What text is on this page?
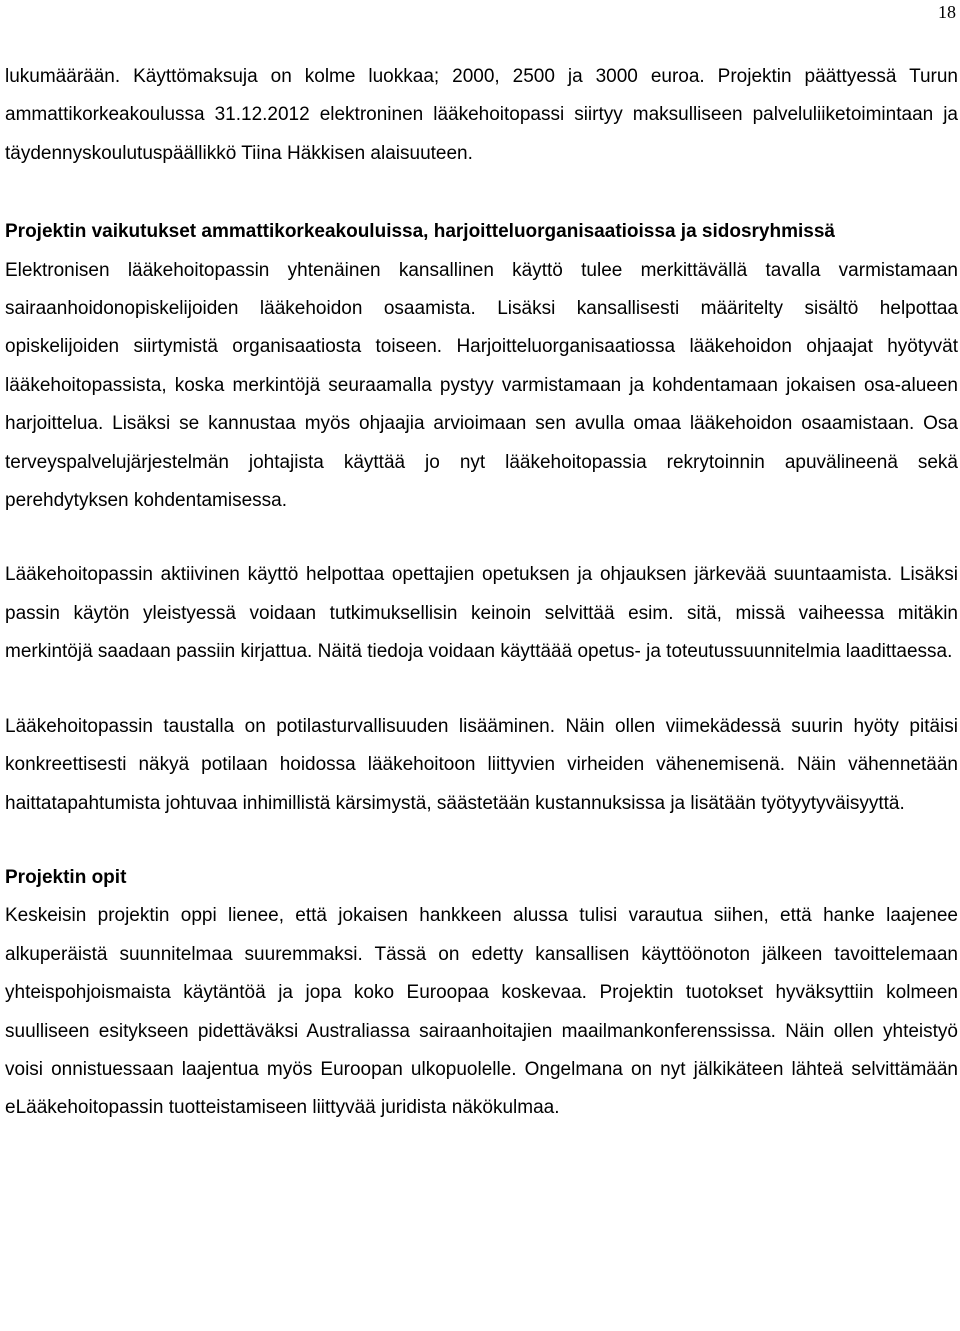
18

lukumäärään. Käyttömaksuja on kolme luokkaa; 2000, 2500 ja 3000 euroa. Projektin päättyessä Turun ammattikorkeakoulussa 31.12.2012 elektroninen lääkehoitopassi siirtyy maksulliseen palveluliiketoimintaan ja täydennyskoulutuspäällikkö Tiina Häkkisen alaisuuteen.

Projektin vaikutukset ammattikorkeakouluissa, harjoitteluorganisaatioissa ja sidosryhmissä

Elektronisen lääkehoitopassin yhtenäinen kansallinen käyttö tulee merkittävällä tavalla varmistamaan sairaanhoidonopiskelijoiden lääkehoidon osaamista. Lisäksi kansallisesti määritelty sisältö helpottaa opiskelijoiden siirtymistä organisaatiosta toiseen. Harjoitteluorganisaatiossa lääkehoidon ohjaajat hyötyvät lääkehoitopassista, koska merkintöjä seuraamalla pystyy varmistamaan ja kohdentamaan jokaisen osa-alueen harjoittelua. Lisäksi se kannustaa myös ohjaajia arvioimaan sen avulla omaa lääkehoidon osaamistaan. Osa terveyspalvelujärjestelmän johtajista käyttää jo nyt lääkehoitopassia rekrytoinnin apuvälineenä sekä perehdytyksen kohdentamisessa.

Lääkehoitopassin aktiivinen käyttö helpottaa opettajien opetuksen ja ohjauksen järkevää suuntaamista. Lisäksi passin käytön yleistyessä voidaan tutkimuksellisin keinoin selvittää esim. sitä, missä vaiheessa mitäkin merkintöjä saadaan passiin kirjattua. Näitä tiedoja voidaan käyttäää opetus- ja toteutussuunnitelmia laadittaessa.

Lääkehoitopassin taustalla on potilasturvallisuuden lisääminen. Näin ollen viimekädessä suurin hyöty pitäisi konkreettisesti näkyä potilaan hoidossa lääkehoitoon liittyvien virheiden vähenemisenä. Näin vähennetään haittatapahtumista johtuvaa inhimillistä kärsimystä, säästetään kustannuksissa ja lisätään työtyytyväisyyttä.

Projektin opit

Keskeisin projektin oppi lienee, että jokaisen hankkeen alussa tulisi varautua siihen, että hanke laajenee alkuperäistä suunnitelmaa suuremmaksi. Tässä on edetty kansallisen käyttöönoton jälkeen tavoittelemaan yhteispohjoismaista käytäntöä ja jopa koko Euroopaa koskevaa. Projektin tuotokset hyväksyttiin kolmeen suulliseen esitykseen pidettäväksi Australiassa sairaanhoitajien maailmankonferenssissa. Näin ollen yhteistyö voisi onnistuessaan laajentua myös Euroopan ulkopuolelle. Ongelmana on nyt jälkikäteen lähteä selvittämään eLääkehoitopassin tuotteistamiseen liittyvää juridista näkökulmaa.
